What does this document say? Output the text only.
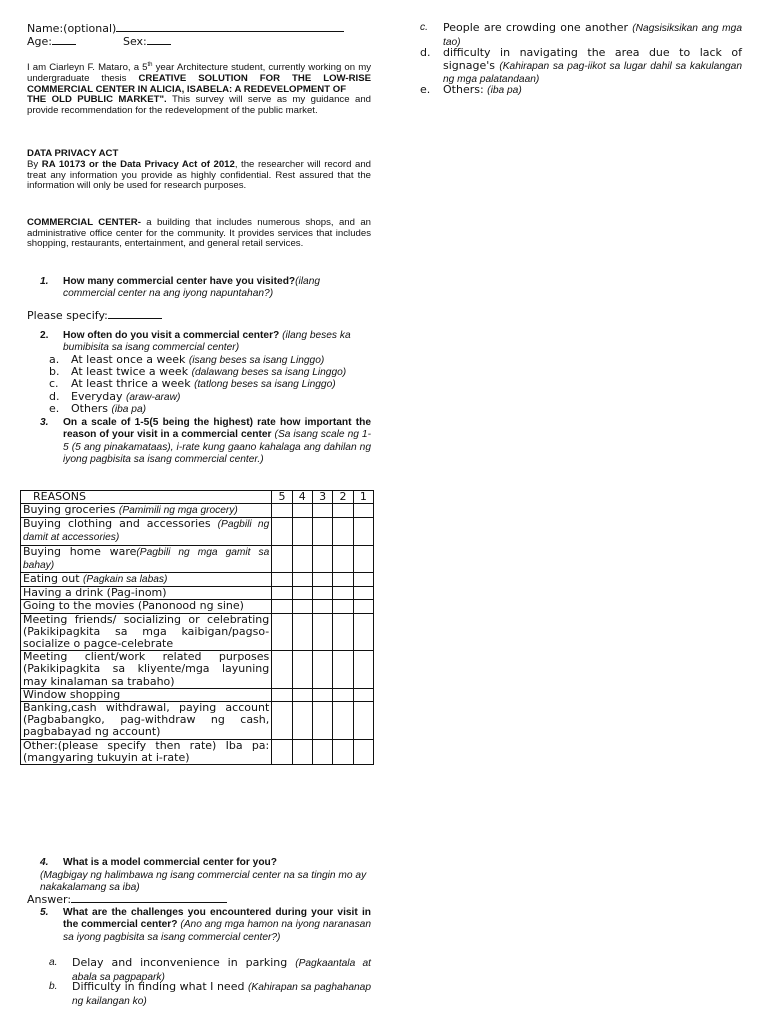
Name:(optional)
Age:	Sex:
I am Ciarleyn F. Mataro, a 5th year Architecture student, currently working on my undergraduate thesis CREATIVE SOLUTION FOR THE LOW-RISE COMMERCIAL CENTER IN ALICIA, ISABELA: A REDEVELOPMENT OF
THE OLD PUBLIC MARKET". This survey will serve as my guidance and provide recommendation for the redevelopment of the public market.
DATA PRIVACY ACT
By RA 10173 or the Data Privacy Act of 2012, the researcher will record and treat any information you provide as highly confidential. Rest assured that the information will only be used for research purposes.
COMMERCIAL CENTER- a building that includes numerous shops, and an administrative office center for the community. It provides services that includes shopping, restaurants, entertainment, and general retail services.
1. How many commercial center have you visited?(ilang commercial center na ang iyong napuntahan?)
Please specify:
2. How often do you visit a commercial center? (ilang beses ka bumibisita sa isang commercial center)
a. At least once a week (isang beses sa isang Linggo)
b. At least twice a week (dalawang beses sa isang Linggo)
c. At least thrice a week (tatlong beses sa isang Linggo)
d. Everyday (araw-araw)
e. Others (iba pa)
3. On a scale of 1-5(5 being the highest) rate how important the reason of your visit in a commercial center (Sa isang scale ng 1-5 (5 ang pinakamataas), i-rate kung gaano kahalaga ang dahilan ng iyong pagbisita sa isang commercial center.)
REASONS	5	4	3	2	1
Buying groceries (Pamimili ng mga grocery)					
Buying clothing and accessories (Pagbili ng damit at accessories)					
Buying home ware(Pagbili ng mga gamit sa bahay)					
Eating out (Pagkain sa labas)					
Having a drink (Pag-inom)					
Going to the movies (Panonood ng sine)					
Meeting friends/ socializing or celebrating (Pakikipagkita sa mga kaibigan/pagso- socialize o pagce-celebrate					
Meeting client/work related purposes (Pakikipagkita sa kliyente/mga layuning may kinalaman sa trabaho)					
Window shopping					
Banking,cash withdrawal, paying account (Pagbabangko, pag-withdraw ng cash, pagbabayad ng account)					
Other:(please specify then rate) Iba pa: (mangyaring tukuyin at i-rate)					
4. What is a model commercial center for you?
(Magbigay ng halimbawa ng isang commercial center na sa tingin mo ay nakakalamang sa iba)
Answer:
5. What are the challenges you encountered during your visit in the commercial center? (Ano ang mga hamon na iyong naranasan sa iyong pagbisita sa isang commercial center?)
a. Delay and inconvenience in parking (Pagkaantala at abala sa pagpapark)
b. Difficulty in finding what I need (Kahirapan sa paghahanap ng kailangan ko)
c. People are crowding one another (Nagsisiksikan ang mga tao)
d. difficulty in navigating the area due to lack of signage's (Kahirapan sa pag-iikot sa lugar dahil sa kakulangan ng mga palatandaan)
e. Others: (iba pa)
